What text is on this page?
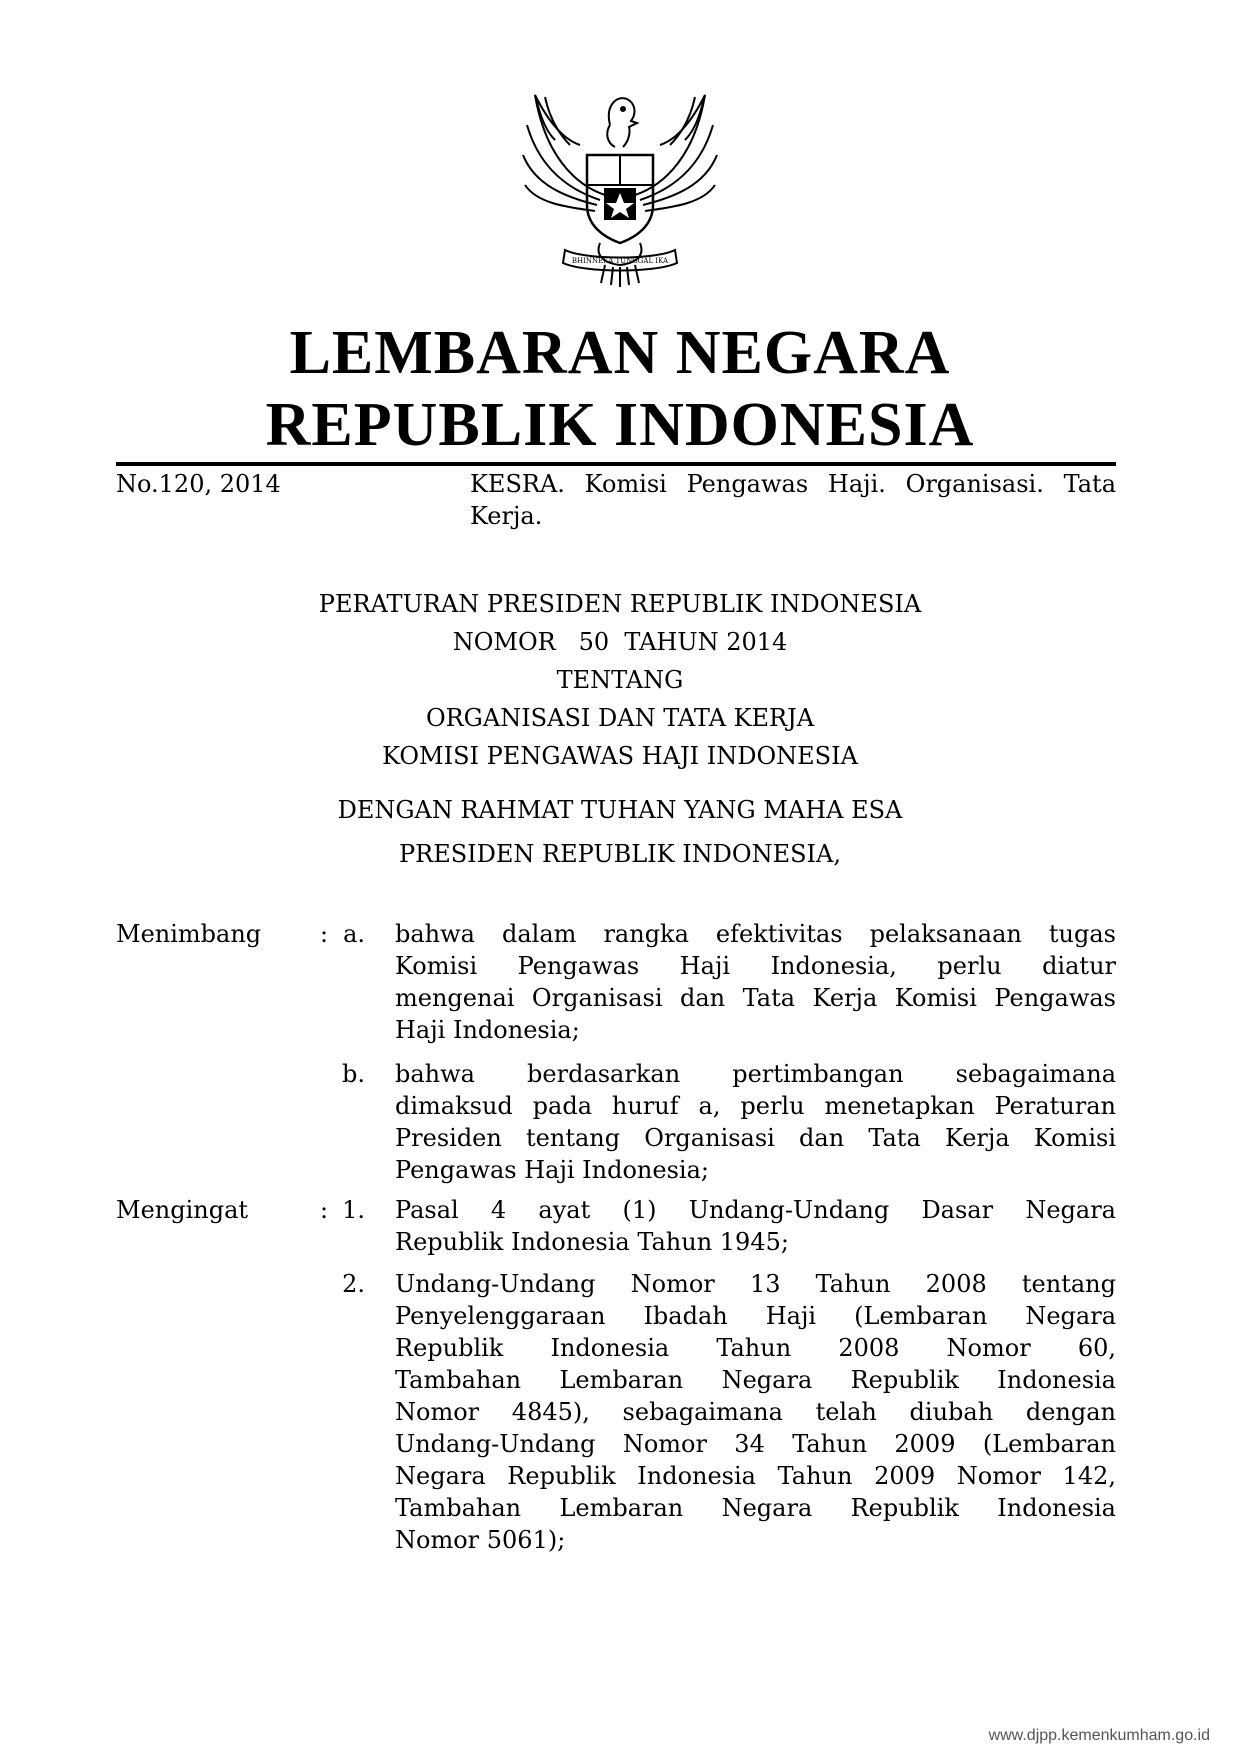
BHINNEKA TUNGGAL IKA
LEMBARAN NEGARA
REPUBLIK INDONESIA
No.120, 2014	KESRA. Komisi Pengawas Haji. Organisasi. Tata
Kerja.
PERATURAN PRESIDEN REPUBLIK INDONESIA
NOMOR   50  TAHUN 2014
TENTANG
ORGANISASI DAN TATA KERJA
KOMISI PENGAWAS HAJI INDONESIA
DENGAN RAHMAT TUHAN YANG MAHA ESA
PRESIDEN REPUBLIK INDONESIA,
Menimbang : a. bahwa dalam rangka efektivitas pelaksanaan tugas
Komisi Pengawas Haji Indonesia, perlu diatur
mengenai Organisasi dan Tata Kerja Komisi Pengawas
Haji Indonesia;
b. bahwa berdasarkan pertimbangan sebagaimana
dimaksud pada huruf a, perlu menetapkan Peraturan
Presiden tentang Organisasi dan Tata Kerja Komisi
Pengawas Haji Indonesia;
Mengingat	: 1. Pasal 4 ayat (1) Undang-Undang Dasar Negara
Republik Indonesia Tahun 1945;
2. Undang-Undang Nomor 13 Tahun 2008 tentang
Penyelenggaraan Ibadah Haji (Lembaran Negara
Republik Indonesia Tahun 2008 Nomor 60,
Tambahan Lembaran Negara Republik Indonesia
Nomor 4845), sebagaimana telah diubah dengan
Undang-Undang Nomor 34 Tahun 2009 (Lembaran
Negara Republik Indonesia Tahun 2009 Nomor 142,
Tambahan Lembaran Negara Republik Indonesia
Nomor 5061);
www.djpp.kemenkumham.go.id
